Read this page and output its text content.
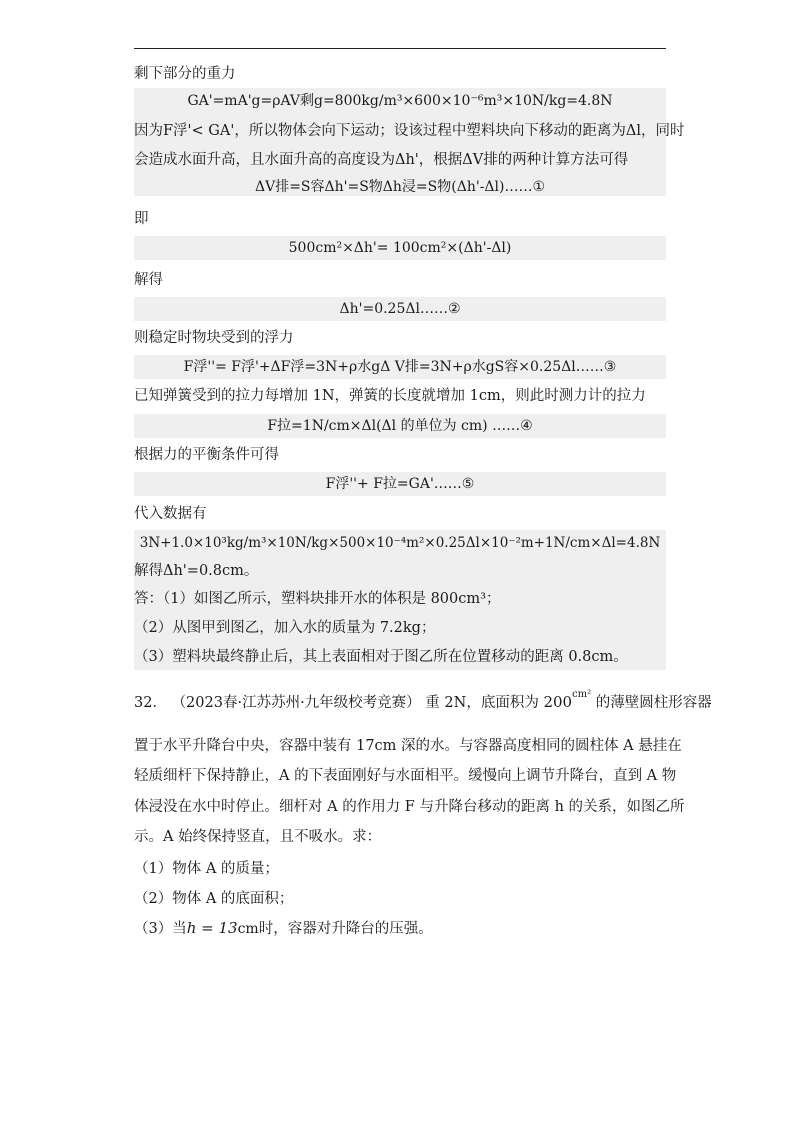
剩下部分的重力
GA'=mA'g=ρAV剩g=800kg/m³×600×10⁻⁶m³×10N/kg=4.8N
因为F浮'< GA'，所以物体会向下运动；设该过程中塑料块向下移动的距离为Δl，同时
会造成水面升高，且水面升高的高度设为Δh'，根据ΔV排的两种计算方法可得
ΔV排=S容Δh'=S物Δh浸=S物(Δh'-Δl)……①
即
500cm²×Δh'= 100cm²×(Δh'-Δl)
解得
Δh'=0.25Δl……②
则稳定时物块受到的浮力
F浮''= F浮'+ΔF浮=3N+ρ水gΔ V排=3N+ρ水gS容×0.25Δl……③
已知弹簧受到的拉力每增加 1N，弹簧的长度就增加 1cm，则此时测力计的拉力
F拉=1N/cm×Δl(Δl 的单位为 cm) ……④
根据力的平衡条件可得
F浮''+ F拉=GA'……⑤
代入数据有
3N+1.0×10³kg/m³×10N/kg×500×10⁻⁴m²×0.25Δl×10⁻²m+1N/cm×Δl=4.8N
解得Δh'=0.8cm。
答：（1）如图乙所示，塑料块排开水的体积是 800cm³；
（2）从图甲到图乙，加入水的质量为 7.2kg；
（3）塑料块最终静止后，其上表面相对于图乙所在位置移动的距离 0.8cm。
32． （2023春·江苏苏州·九年级校考竞赛） 重 2N，底面积为 $200^{cm^2}$ 的薄壁圆柱形容器
置于水平升降台中央，容器中装有 17cm 深的水。与容器高度相同的圆柱体 A 悬挂在
轻质细杆下保持静止，A 的下表面刚好与水面相平。缓慢向上调节升降台，直到 A 物
体浸没在水中时停止。细杆对 A 的作用力 F 与升降台移动的距离 h 的关系，如图乙所
示。A 始终保持竖直，且不吸水。求：
（1）物体 A 的质量；
（2）物体 A 的底面积；
（3）当h = 13cm时，容器对升降台的压强。
